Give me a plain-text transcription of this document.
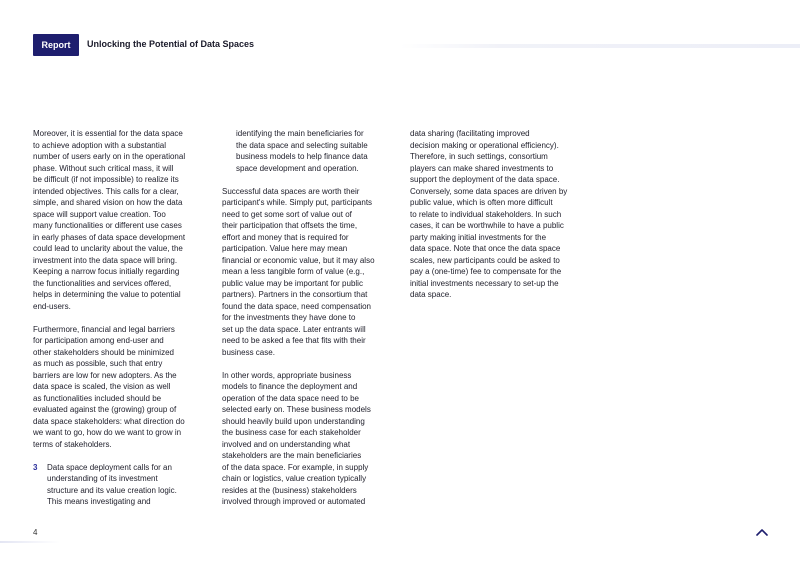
Report	Unlocking the Potential of Data Spaces

Moreover, it is essential for the data space
to achieve adoption with a substantial
number of users early on in the operational
phase. Without such critical mass, it will
be difficult (if not impossible) to realize its
intended objectives. This calls for a clear,
simple, and shared vision on how the data
space will support value creation. Too
many functionalities or different use cases
in early phases of data space development
could lead to unclarity about the value, the
investment into the data space will bring.
Keeping a narrow focus initially regarding
the functionalities and services offered,
helps in determining the value to potential
end-users.

Furthermore, financial and legal barriers
for participation among end-user and
other stakeholders should be minimized
as much as possible, such that entry
barriers are low for new adopters. As the
data space is scaled, the vision as well
as functionalities included should be
evaluated against the (growing) group of
data space stakeholders: what direction do
we want to go, how do we want to grow in
terms of stakeholders.

3 Data space deployment calls for an
understanding of its investment
structure and its value creation logic.
This means investigating and

identifying the main beneficiaries for
the data space and selecting suitable
business models to help finance data
space development and operation.

Successful data spaces are worth their
participant's while. Simply put, participants
need to get some sort of value out of
their participation that offsets the time,
effort and money that is required for
participation. Value here may mean
financial or economic value, but it may also
mean a less tangible form of value (e.g.,
public value may be important for public
partners). Partners in the consortium that
found the data space, need compensation
for the investments they have done to
set up the data space. Later entrants will
need to be asked a fee that fits with their
business case.

In other words, appropriate business
models to finance the deployment and
operation of the data space need to be
selected early on. These business models
should heavily build upon understanding
the business case for each stakeholder
involved and on understanding what
stakeholders are the main beneficiaries
of the data space. For example, in supply
chain or logistics, value creation typically
resides at the (business) stakeholders
involved through improved or automated

data sharing (facilitating improved
decision making or operational efficiency).
Therefore, in such settings, consortium
players can make shared investments to
support the deployment of the data space.
Conversely, some data spaces are driven by
public value, which is often more difficult
to relate to individual stakeholders. In such
cases, it can be worthwhile to have a public
party making initial investments for the
data space. Note that once the data space
scales, new participants could be asked to
pay a (one-time) fee to compensate for the
initial investments necessary to set-up the
data space.

4
